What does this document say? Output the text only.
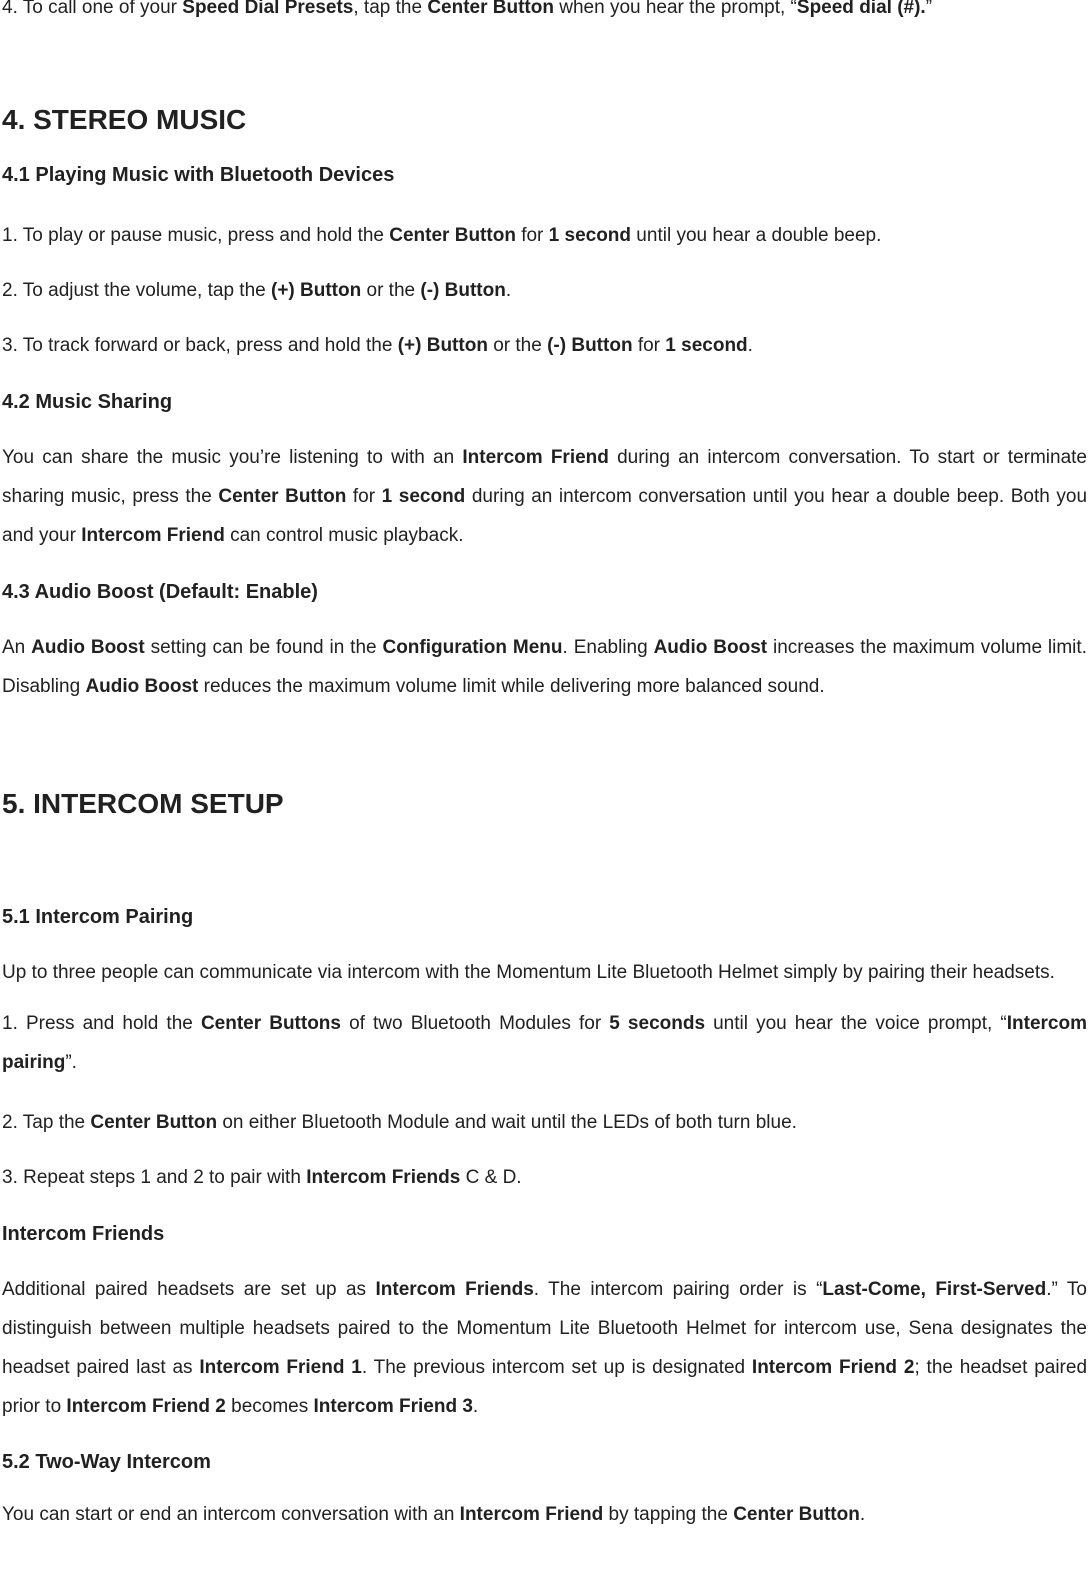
4. To call one of your Speed Dial Presets, tap the Center Button when you hear the prompt, “Speed dial (#).”

4. STEREO MUSIC
4.1 Playing Music with Bluetooth Devices

1. To play or pause music, press and hold the Center Button for 1 second until you hear a double beep.

2. To adjust the volume, tap the (+) Button or the (-) Button.

3. To track forward or back, press and hold the (+) Button or the (-) Button for 1 second.

4.2 Music Sharing

You can share the music you’re listening to with an Intercom Friend during an intercom conversation. To start or terminate sharing music, press the Center Button for 1 second during an intercom conversation until you hear a double beep. Both you and your Intercom Friend can control music playback.

4.3 Audio Boost (Default: Enable)

An Audio Boost setting can be found in the Configuration Menu. Enabling Audio Boost increases the maximum volume limit. Disabling Audio Boost reduces the maximum volume limit while delivering more balanced sound.

5. INTERCOM SETUP
5.1 Intercom Pairing

Up to three people can communicate via intercom with the Momentum Lite Bluetooth Helmet simply by pairing their headsets.

1. Press and hold the Center Buttons of two Bluetooth Modules for 5 seconds until you hear the voice prompt, “Intercom pairing”.

2. Tap the Center Button on either Bluetooth Module and wait until the LEDs of both turn blue.

3. Repeat steps 1 and 2 to pair with Intercom Friends C & D.

Intercom Friends

Additional paired headsets are set up as Intercom Friends. The intercom pairing order is “Last-Come, First-Served.” To distinguish between multiple headsets paired to the Momentum Lite Bluetooth Helmet for intercom use, Sena designates the headset paired last as Intercom Friend 1. The previous intercom set up is designated Intercom Friend 2; the headset paired prior to Intercom Friend 2 becomes Intercom Friend 3.

5.2 Two-Way Intercom

You can start or end an intercom conversation with an Intercom Friend by tapping the Center Button.
